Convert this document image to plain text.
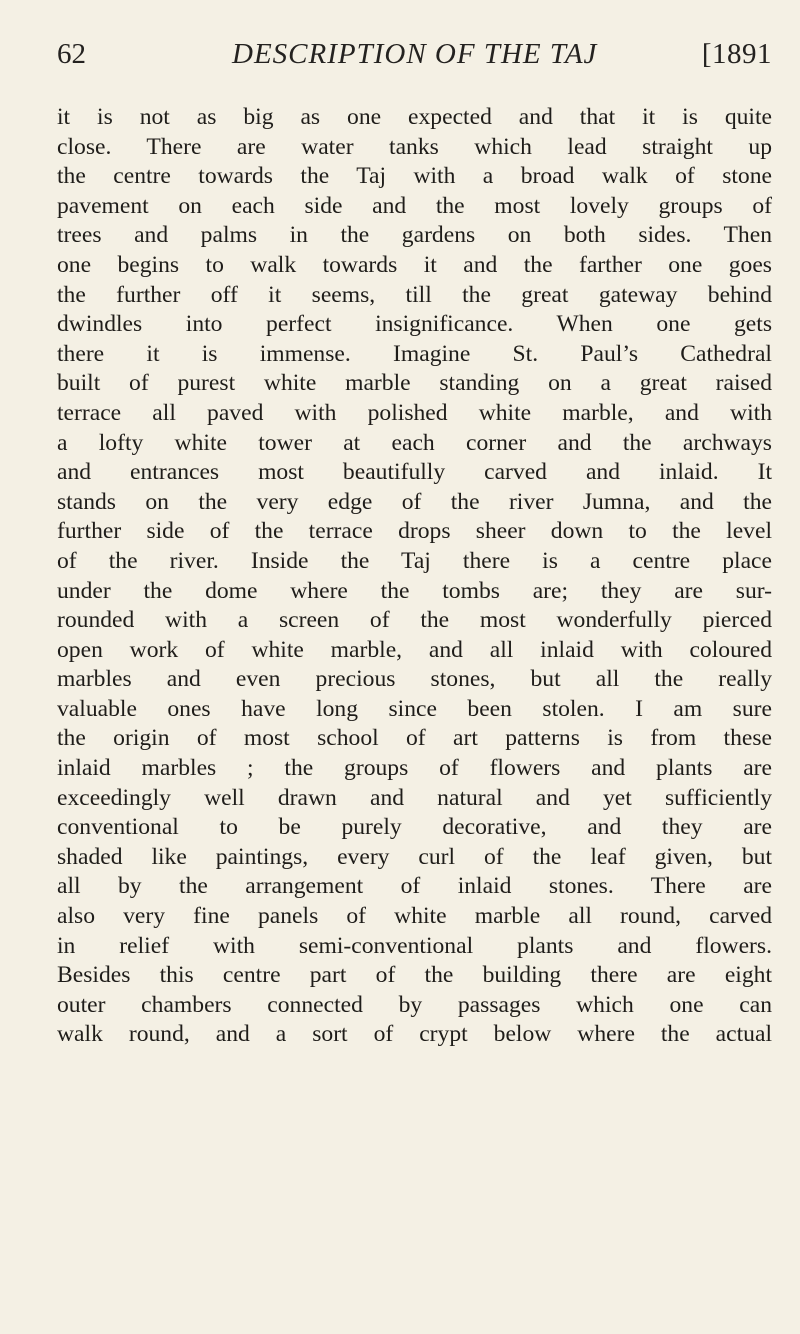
62	DESCRIPTION OF THE TAJ	[1891
it is not as big as one expected and that it is quite
close. There are water tanks which lead straight up
the centre towards the Taj with a broad walk of stone
pavement on each side and the most lovely groups of
trees and palms in the gardens on both sides. Then
one begins to walk towards it and the farther one goes
the further off it seems, till the great gateway behind
dwindles into perfect insignificance. When one gets
there it is immense. Imagine St. Paul’s Cathedral
built of purest white marble standing on a great raised
terrace all paved with polished white marble, and with
a lofty white tower at each corner and the archways
and entrances most beautifully carved and inlaid. It
stands on the very edge of the river Jumna, and the
further side of the terrace drops sheer down to the level
of the river. Inside the Taj there is a centre place
under the dome where the tombs are; they are sur-
rounded with a screen of the most wonderfully pierced
open work of white marble, and all inlaid with coloured
marbles and even precious stones, but all the really
valuable ones have long since been stolen. I am sure
the origin of most school of art patterns is from these
inlaid marbles ; the groups of flowers and plants are
exceedingly well drawn and natural and yet sufficiently
conventional to be purely decorative, and they are
shaded like paintings, every curl of the leaf given, but
all by the arrangement of inlaid stones. There are
also very fine panels of white marble all round, carved
in relief with semi-conventional plants and flowers.
Besides this centre part of the building there are eight
outer chambers connected by passages which one can
walk round, and a sort of crypt below where the actual
